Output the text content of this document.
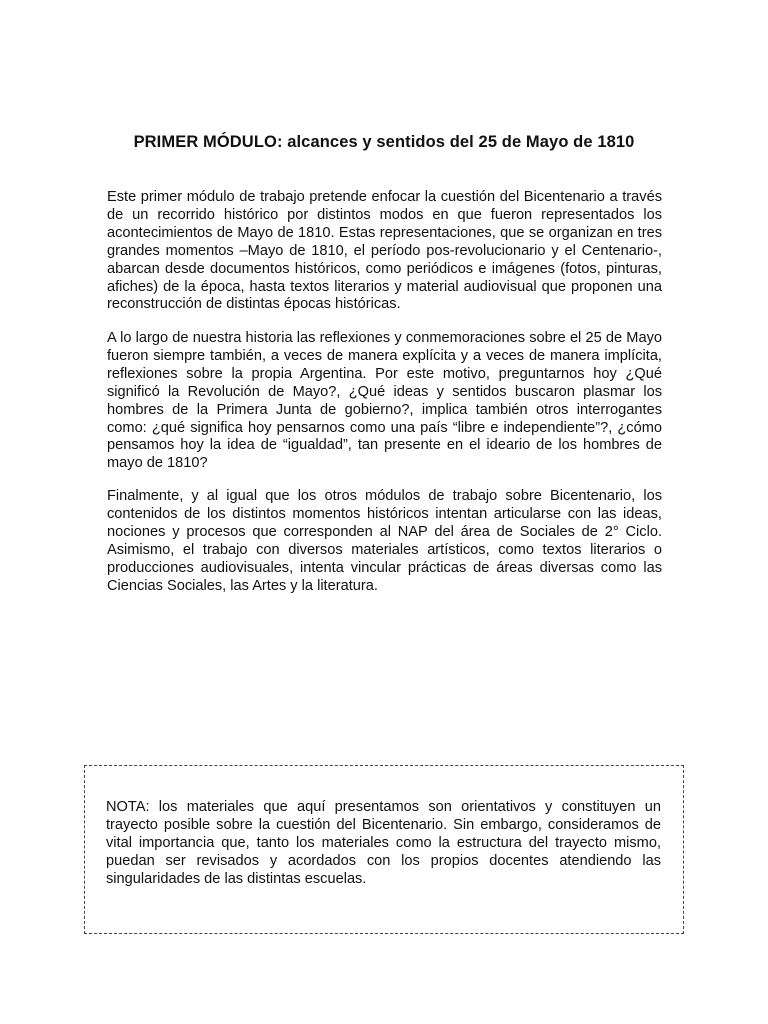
PRIMER MÓDULO: alcances y sentidos del 25 de Mayo de 1810

Este primer módulo de trabajo pretende enfocar la cuestión del Bicentenario a través de un recorrido histórico por distintos modos en que fueron representados los acontecimientos de Mayo de 1810. Estas representaciones, que se organizan en tres grandes momentos –Mayo de 1810, el período pos-revolucionario y el Centenario-, abarcan desde documentos históricos, como periódicos e imágenes (fotos, pinturas, afiches) de la época, hasta textos literarios y material audiovisual que proponen una reconstrucción de distintas épocas históricas.

A lo largo de nuestra historia las reflexiones y conmemoraciones sobre el 25 de Mayo fueron siempre también, a veces de manera explícita y a veces de manera implícita, reflexiones sobre la propia Argentina. Por este motivo, preguntarnos hoy ¿Qué significó la Revolución de Mayo?, ¿Qué ideas y sentidos buscaron plasmar los hombres de la Primera Junta de gobierno?, implica también otros interrogantes como: ¿qué significa hoy pensarnos como una país “libre e independiente”?, ¿cómo pensamos hoy la idea de “igualdad”, tan presente en el ideario de los hombres de mayo de 1810?

Finalmente, y al igual que los otros módulos de trabajo sobre Bicentenario, los contenidos de los distintos momentos históricos intentan articularse con las ideas, nociones y procesos que corresponden al NAP del área de Sociales de 2° Ciclo. Asimismo, el trabajo con diversos materiales artísticos, como textos literarios o producciones audiovisuales, intenta vincular prácticas de áreas diversas como las Ciencias Sociales, las Artes y la literatura.

NOTA: los materiales que aquí presentamos son orientativos y constituyen un trayecto posible sobre la cuestión del Bicentenario. Sin embargo, consideramos de vital importancia que, tanto los materiales como la estructura del trayecto mismo, puedan ser revisados y acordados con los propios docentes atendiendo las singularidades de las distintas escuelas.
